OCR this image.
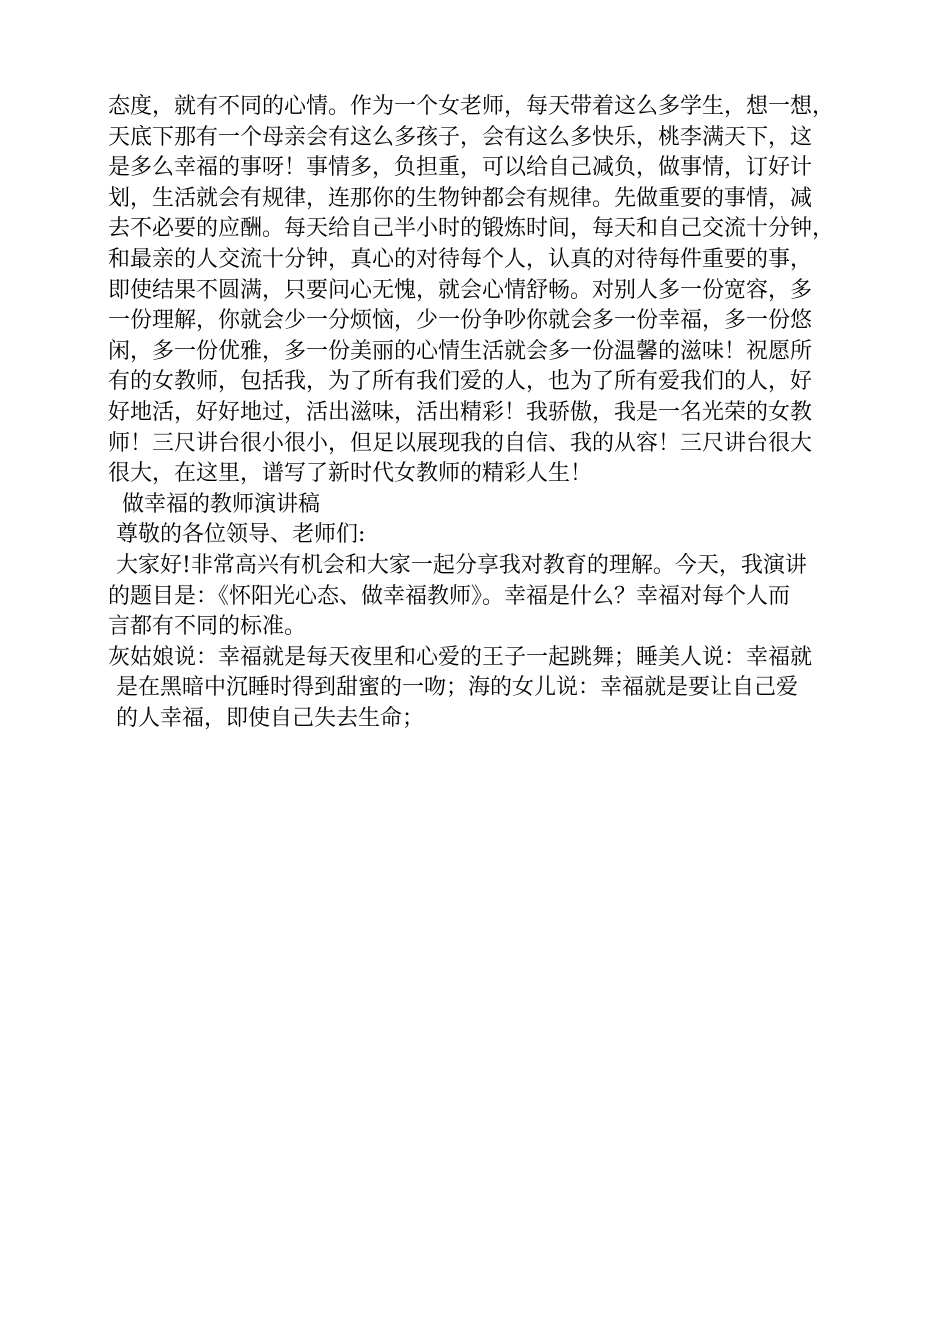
态度，就有不同的心情。作为一个女老师，每天带着这么多学生，想一想，
天底下那有一个母亲会有这么多孩子，会有这么多快乐，桃李满天下，这
是多么幸福的事呀！事情多，负担重，可以给自己减负，做事情，订好计
划，生活就会有规律，连那你的生物钟都会有规律。先做重要的事情，减
去不必要的应酬。每天给自己半小时的锻炼时间，每天和自己交流十分钟，
和最亲的人交流十分钟，真心的对待每个人，认真的对待每件重要的事，
即使结果不圆满，只要问心无愧，就会心情舒畅。对别人多一份宽容，多
一份理解，你就会少一分烦恼，少一份争吵你就会多一份幸福，多一份悠
闲，多一份优雅，多一份美丽的心情生活就会多一份温馨的滋味！祝愿所
有的女教师，包括我，为了所有我们爱的人，也为了所有爱我们的人，好
好地活，好好地过，活出滋味，活出精彩！我骄傲，我是一名光荣的女教
师！三尺讲台很小很小，但足以展现我的自信、我的从容！三尺讲台很大
很大，在这里，谱写了新时代女教师的精彩人生！
做幸福的教师演讲稿
尊敬的各位领导、老师们:
大家好!非常高兴有机会和大家一起分享我对教育的理解。今天，我演讲
的题目是：《怀阳光心态、做幸福教师》。幸福是什么？幸福对每个人而
言都有不同的标准。
灰姑娘说：幸福就是每天夜里和心爱的王子一起跳舞；睡美人说：幸福就
是在黑暗中沉睡时得到甜蜜的一吻；海的女儿说：幸福就是要让自己爱
的人幸福，即使自己失去生命；
